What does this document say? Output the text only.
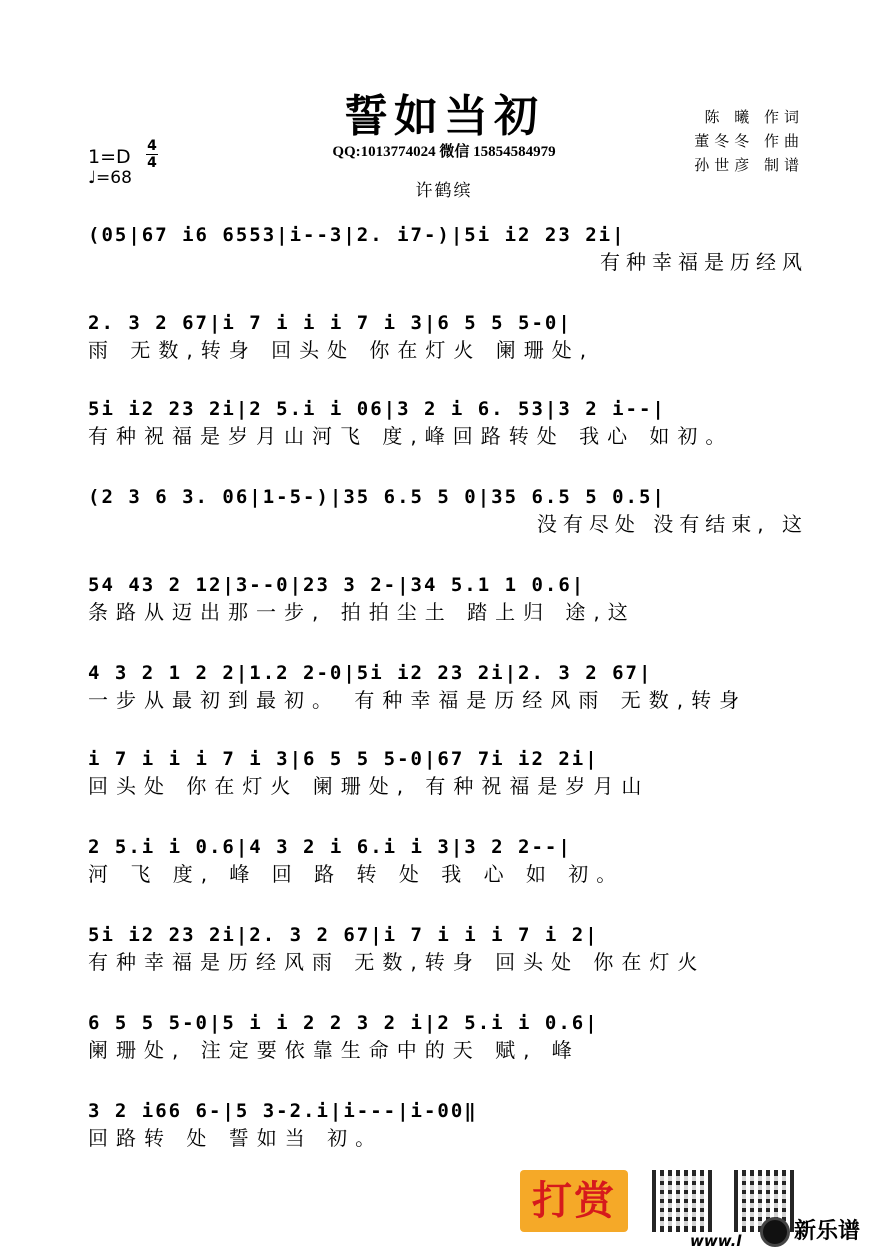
誓如当初
QQ:1013774024 微信 15854584979
许鹤缤
陈 曦 作词
董冬冬 作曲
孙世彦 制谱
1=D 4
4
♩=68
(05|67 i6 6553|i--3|2. i7-)|5i i2 23 2i|
有种幸福是历经风
2. 3 2 67|i 7 i i i 7 i 3|6 5 5 5-0|
雨 无数,转身 回头处 你在灯火 阑珊处,
5i i2 23 2i|2 5.i i 06|3 2 i 6. 53|3 2 i--|
有种祝福是岁月山河飞 度,峰回路转处 我心 如初。
(2 3 6 3. 06|1-5-)|35 6.5 5 0|35 6.5 5 0.5|
没有尽处 没有结束, 这
54 43 2 12|3--0|23 3 2-|34 5.1 1 0.6|
条路从迈出那一步, 拍拍尘土 踏上归 途,这
4 3 2 1 2 2|1.2 2-0|5i i2 23 2i|2. 3 2 67|
一步从最初到最初。 有种幸福是历经风雨 无数,转身
i 7 i i i 7 i 3|6 5 5 5-0|67 7i i2 2i|
回头处 你在灯火 阑珊处, 有种祝福是岁月山
2 5.i i 0.6|4 3 2 i 6.i i 3|3 2 2--|
河 飞 度, 峰 回 路 转 处 我 心 如 初。
5i i2 23 2i|2. 3 2 67|i 7 i i i 7 i 2|
有种幸福是历经风雨 无数,转身 回头处 你在灯火
6 5 5 5-0|5 i i 2 2 3 2 i|2 5.i i 0.6|
阑珊处, 注定要依靠生命中的天 赋, 峰
3 2 i66 6-|5 3-2.i|i---|i-00‖
回路转 处 誓如当 初。
打赏
www.l	新乐谱
